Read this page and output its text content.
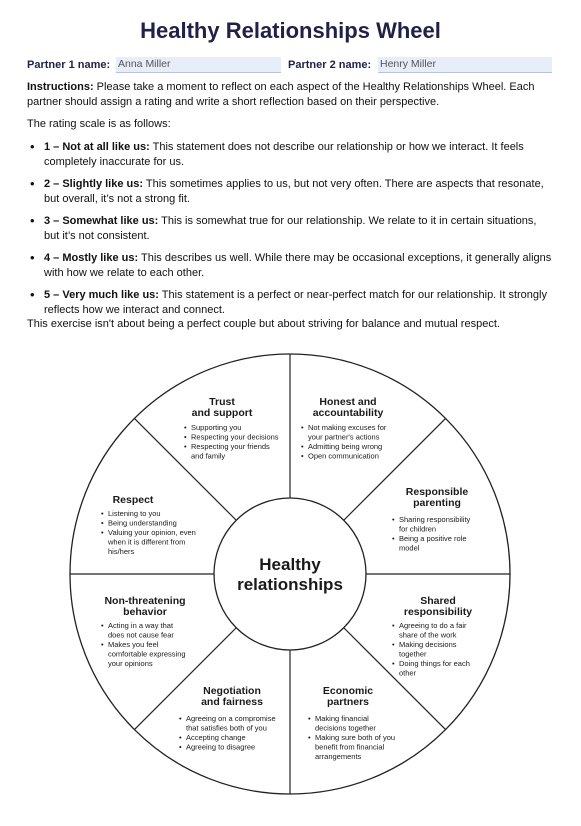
Healthy Relationships Wheel
Partner 1 name: Anna Miller	Partner 2 name: Henry Miller

Instructions: Please take a moment to reflect on each aspect of the Healthy Relationships Wheel. Each partner should assign a rating and write a short reflection based on their perspective.

The rating scale is as follows:

• 1 – Not at all like us: This statement does not describe our relationship or how we interact. It feels completely inaccurate for us.
• 2 – Slightly like us: This sometimes applies to us, but not very often. There are aspects that resonate, but overall, it’s not a strong fit.
• 3 – Somewhat like us: This is somewhat true for our relationship. We relate to it in certain situations, but it’s not consistent.
• 4 – Mostly like us: This describes us well. While there may be occasional exceptions, it generally aligns with how we relate to each other.
• 5 – Very much like us: This statement is a perfect or near-perfect match for our relationship. It strongly reflects how we interact and connect.

This exercise isn't about being a perfect couple but about striving for balance and mutual respect.

Healthy
relationships
Trust
and support
• Supporting you
• Respecting your decisions
• Respecting your friends
and family
Honest and
accountability
• Not making excuses for
your partner's actions
• Admitting being wrong
• Open communication
Responsible
parenting
• Sharing responsibility
for children
• Being a positive role
model
Shared
responsibility
• Agreeing to do a fair
share of the work
• Making decisions
together
• Doing things for each
other
Economic
partners
• Making financial
decisions together
• Making sure both of you
benefit from financial
arrangements
Negotiation
and fairness
• Agreeing on a compromise
that satisfies both of you
• Accepting change
• Agreeing to disagree
Non-threatening
behavior
• Acting in a way that
does not cause fear
• Makes you feel
comfortable expressing
your opinions
Respect
• Listening to you
• Being understanding
• Valuing your opinion, even
when it is different from
his/hers
